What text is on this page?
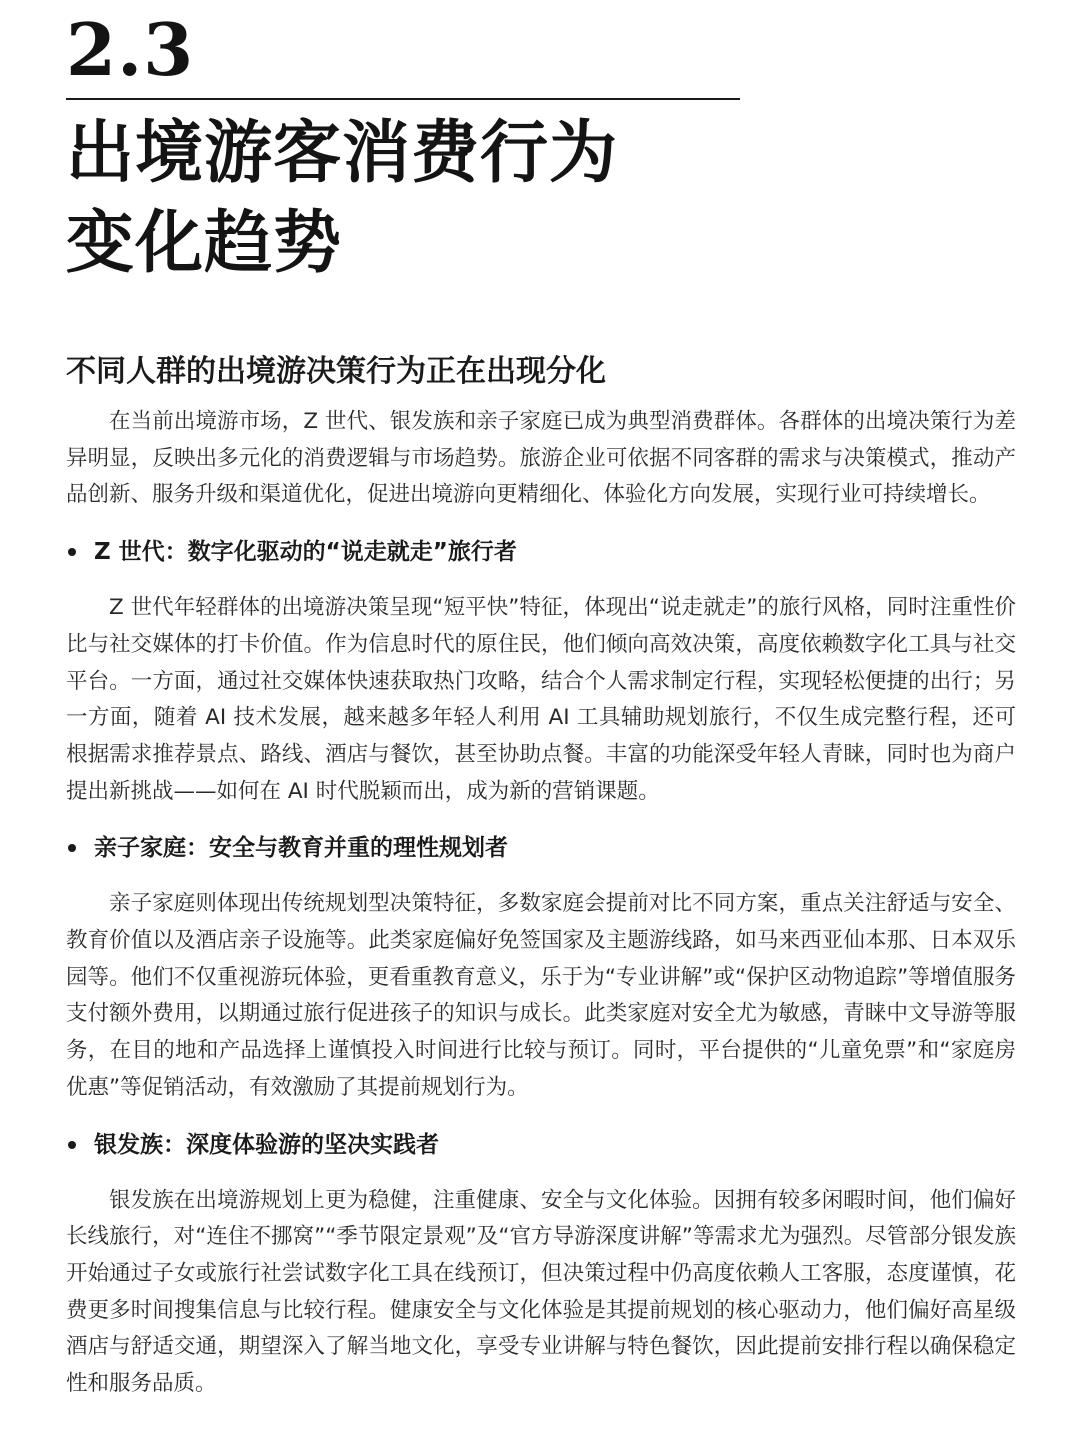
2.3
出境游客消费行为
变化趋势
不同人群的出境游决策行为正在出现分化

在当前出境游市场，Z 世代、银发族和亲子家庭已成为典型消费群体。各群体的出境决策行为差异明显，反映出多元化的消费逻辑与市场趋势。旅游企业可依据不同客群的需求与决策模式，推动产品创新、服务升级和渠道优化，促进出境游向更精细化、体验化方向发展，实现行业可持续增长。

Z 世代：数字化驱动的“说走就走”旅行者

Z 世代年轻群体的出境游决策呈现“短平快”特征，体现出“说走就走”的旅行风格，同时注重性价比与社交媒体的打卡价值。作为信息时代的原住民，他们倾向高效决策，高度依赖数字化工具与社交平台。一方面，通过社交媒体快速获取热门攻略，结合个人需求制定行程，实现轻松便捷的出行；另一方面，随着 AI 技术发展，越来越多年轻人利用 AI 工具辅助规划旅行，不仅生成完整行程，还可根据需求推荐景点、路线、酒店与餐饮，甚至协助点餐。丰富的功能深受年轻人青睐，同时也为商户提出新挑战——如何在 AI 时代脱颖而出，成为新的营销课题。

亲子家庭：安全与教育并重的理性规划者

亲子家庭则体现出传统规划型决策特征，多数家庭会提前对比不同方案，重点关注舒适与安全、教育价值以及酒店亲子设施等。此类家庭偏好免签国家及主题游线路，如马来西亚仙本那、日本双乐园等。他们不仅重视游玩体验，更看重教育意义，乐于为“专业讲解”或“保护区动物追踪”等增值服务支付额外费用，以期通过旅行促进孩子的知识与成长。此类家庭对安全尤为敏感，青睐中文导游等服务，在目的地和产品选择上谨慎投入时间进行比较与预订。同时，平台提供的“儿童免票”和“家庭房优惠”等促销活动，有效激励了其提前规划行为。

银发族：深度体验游的坚决实践者

银发族在出境游规划上更为稳健，注重健康、安全与文化体验。因拥有较多闲暇时间，他们偏好长线旅行，对“连住不挪窝”“季节限定景观”及“官方导游深度讲解”等需求尤为强烈。尽管部分银发族开始通过子女或旅行社尝试数字化工具在线预订，但决策过程中仍高度依赖人工客服，态度谨慎，花费更多时间搜集信息与比较行程。健康安全与文化体验是其提前规划的核心驱动力，他们偏好高星级酒店与舒适交通，期望深入了解当地文化，享受专业讲解与特色餐饮，因此提前安排行程以确保稳定性和服务品质。
